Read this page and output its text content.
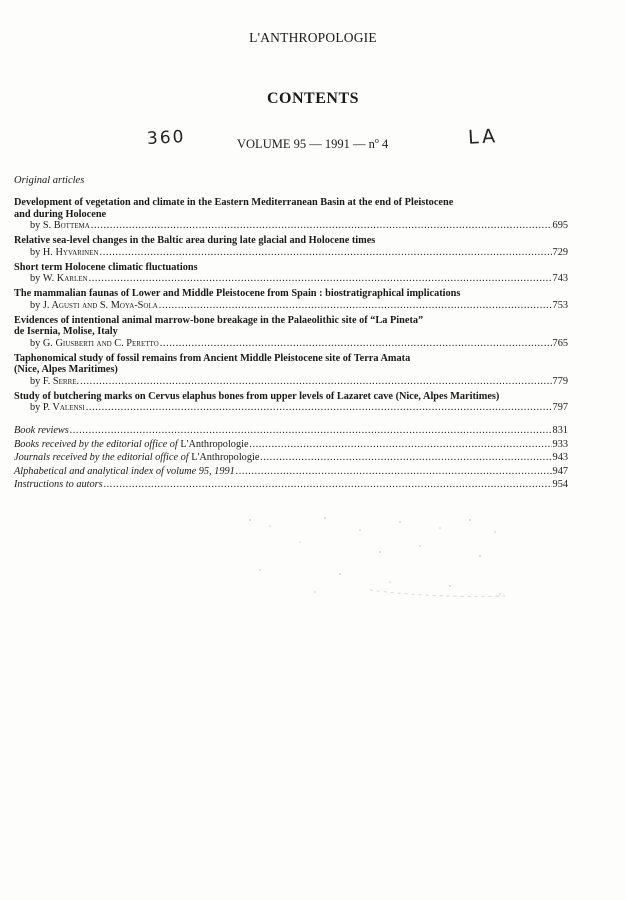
L'ANTHROPOLOGIE
CONTENTS
VOLUME 95 — 1991 — $n^o$ 4
360	LA
Original articles
Development of vegetation and climate in the Eastern Mediterranean Basin at the end of Pleistocene
and during Holocene
by S. Bottema .....	695
Relative sea-level changes in the Baltic area during late glacial and Holocene times
by H. Hyvarinen .....	729
Short term Holocene climatic fluctuations
by W. Karlen .....	743
The mammalian faunas of Lower and Middle Pleistocene from Spain : biostratigraphical implications
by J. Agusti and S. Moya-Sola .....	753
Evidences of intentional animal marrow-bone breakage in the Palaeolithic site of “La Pineta”
de Isernia, Molise, Italy
by G. Giusberti and C. Peretto .....	765
Taphonomical study of fossil remains from Ancient Middle Pleistocene site of Terra Amata
(Nice, Alpes Maritimes)
by F. Serre. .....	779
Study of butchering marks on Cervus elaphus bones from upper levels of Lazaret cave (Nice, Alpes Maritimes)
by P. Valensi .....	797
Book reviews .....	831
Books received by the editorial office of L'Anthropologie .....	933
Journals received by the editorial office of L'Anthropologie .....	943
Alphabetical and analytical index of volume 95, 1991 .....	947
Instructions to autors .....	954
